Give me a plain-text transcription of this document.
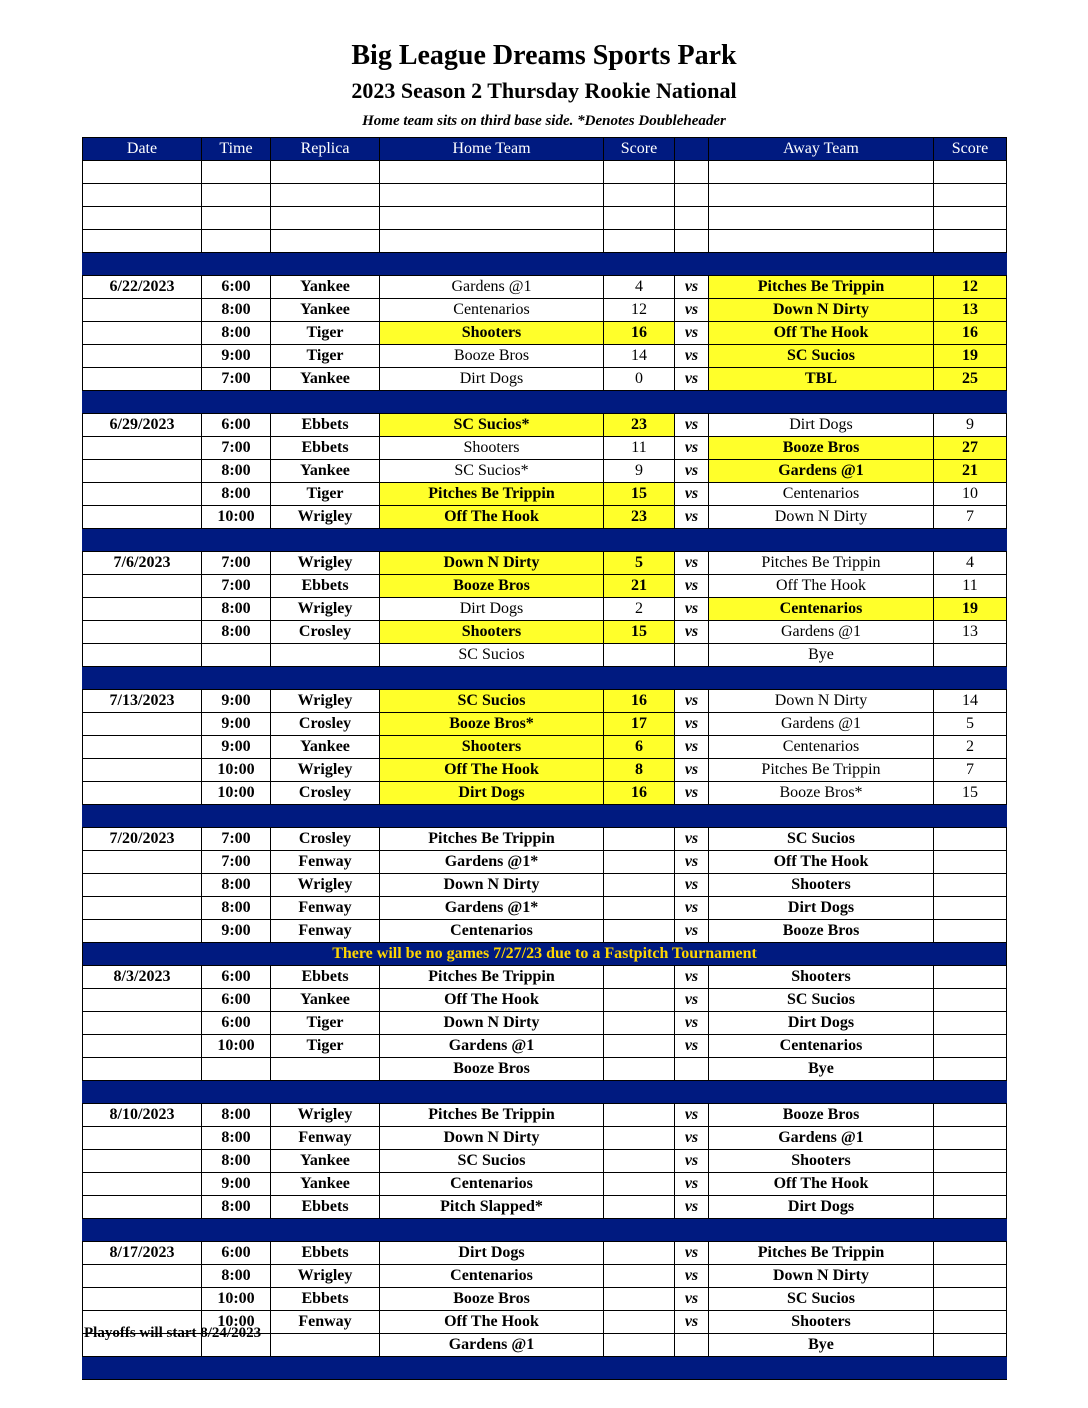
Big League Dreams Sports Park
2023 Season 2 Thursday Rookie National
Home team sits on third base side. *Denotes Doubleheader
Date	Time	Replica	Home Team	Score		Away Team	Score

6/22/2023	6:00	Yankee	Gardens @1	4	vs	Pitches Be Trippin	12
	8:00	Yankee	Centenarios	12	vs	Down N Dirty	13
	8:00	Tiger	Shooters	16	vs	Off The Hook	16
	9:00	Tiger	Booze Bros	14	vs	SC Sucios	19
	7:00	Yankee	Dirt Dogs	0	vs	TBL	25

6/29/2023	6:00	Ebbets	SC Sucios*	23	vs	Dirt Dogs	9
	7:00	Ebbets	Shooters	11	vs	Booze Bros	27
	8:00	Yankee	SC Sucios*	9	vs	Gardens @1	21
	8:00	Tiger	Pitches Be Trippin	15	vs	Centenarios	10
	10:00	Wrigley	Off The Hook	23	vs	Down N Dirty	7

7/6/2023	7:00	Wrigley	Down N Dirty	5	vs	Pitches Be Trippin	4
	7:00	Ebbets	Booze Bros	21	vs	Off The Hook	11
	8:00	Wrigley	Dirt Dogs	2	vs	Centenarios	19
	8:00	Crosley	Shooters	15	vs	Gardens @1	13
			SC Sucios			Bye	

7/13/2023	9:00	Wrigley	SC Sucios	16	vs	Down N Dirty	14
	9:00	Crosley	Booze Bros*	17	vs	Gardens @1	5
	9:00	Yankee	Shooters	6	vs	Centenarios	2
	10:00	Wrigley	Off The Hook	8	vs	Pitches Be Trippin	7
	10:00	Crosley	Dirt Dogs	16	vs	Booze Bros*	15

7/20/2023	7:00	Crosley	Pitches Be Trippin		vs	SC Sucios	
	7:00	Fenway	Gardens @1*		vs	Off The Hook	
	8:00	Wrigley	Down N Dirty		vs	Shooters	
	8:00	Fenway	Gardens @1*		vs	Dirt Dogs	
	9:00	Fenway	Centenarios		vs	Booze Bros	
There will be no games 7/27/23 due to a Fastpitch Tournament							
8/3/2023	6:00	Ebbets	Pitches Be Trippin		vs	Shooters	
	6:00	Yankee	Off The Hook		vs	SC Sucios	
	6:00	Tiger	Down N Dirty		vs	Dirt Dogs	
	10:00	Tiger	Gardens @1		vs	Centenarios	
			Booze Bros			Bye	

8/10/2023	8:00	Wrigley	Pitches Be Trippin		vs	Booze Bros	
	8:00	Fenway	Down N Dirty		vs	Gardens @1	
	8:00	Yankee	SC Sucios		vs	Shooters	
	9:00	Yankee	Centenarios		vs	Off The Hook	
	8:00	Ebbets	Pitch Slapped*		vs	Dirt Dogs	

8/17/2023	6:00	Ebbets	Dirt Dogs		vs	Pitches Be Trippin	
	8:00	Wrigley	Centenarios		vs	Down N Dirty	
	10:00	Ebbets	Booze Bros		vs	SC Sucios	
	10:00	Fenway	Off The Hook		vs	Shooters	
			Gardens @1			Bye	

Playoffs will start 8/24/2023
